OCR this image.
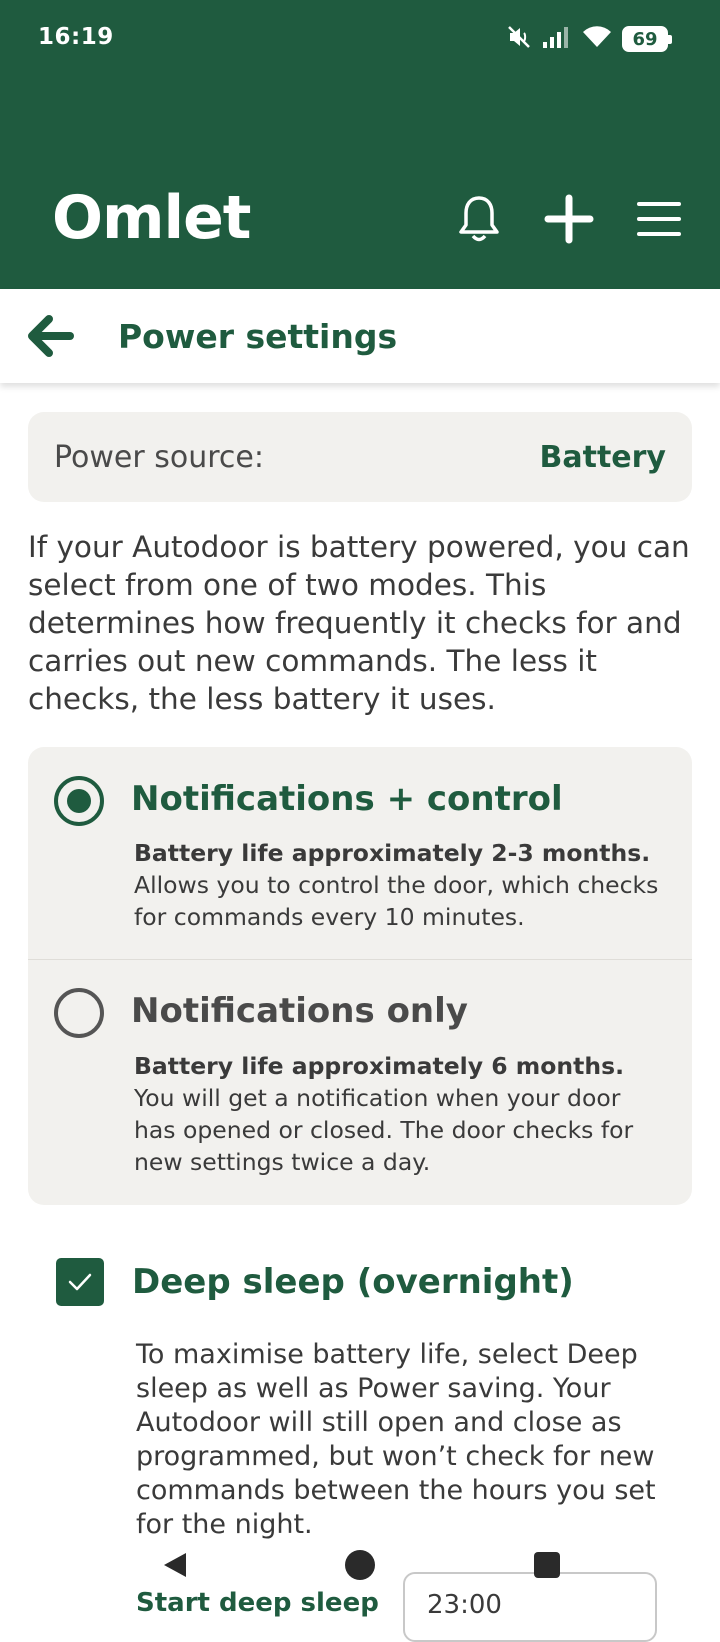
16:19	69
Omlet
Power settings
Power source:	Battery
If your Autodoor is battery powered, you can select from one of two modes. This determines how frequently it checks for and carries out new commands. The less it checks, the less battery it uses.
Notifications + control
Battery life approximately 2-3 months. Allows you to control the door, which checks for commands every 10 minutes.
Notifications only
Battery life approximately 6 months. You will get a notification when your door has opened or closed. The door checks for new settings twice a day.
Deep sleep (overnight)
To maximise battery life, select Deep sleep as well as Power saving. Your Autodoor will still open and close as programmed, but won’t check for new commands between the hours you set for the night.
Start deep sleep 23:00
